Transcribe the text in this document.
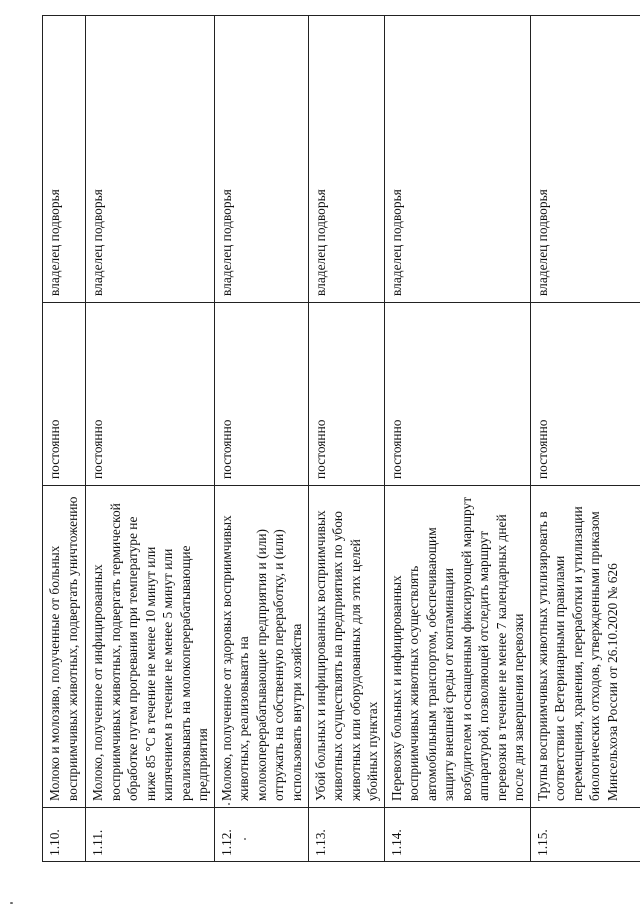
1.10.	Молоко и молозиво, полученные от больных восприимчивых животных, подвергать уничтожению	постоянно	владелец подворья
1.11.	Молоко, полученное от инфицированных восприимчивых животных, подвергать термической обработке путем прогревания при температуре не ниже 85 °С в течение не менее 10 минут или кипячением в течение не менее 5 минут или реализовывать на молокоперерабатывающие предприятия	постоянно	владелец подворья
1.12.	Молоко, полученное от здоровых восприимчивых животных, реализовывать на молокоперерабатывающие предприятия и (или) отгружать на собственную переработку, и (или) использовать внутри хозяйства	постоянно	владелец подворья
1.13.	Убой больных и инфицированных восприимчивых животных осуществлять на предприятиях по убою животных или оборудованных для этих целей убойных пунктах	постоянно	владелец подворья
1.14.	Перевозку больных и инфицированных восприимчивых животных осуществлять автомобильным транспортом, обеспечивающим защиту внешней среды от контаминации возбудителем и оснащенным фиксирующей маршрут аппаратурой, позволяющей отследить маршрут перевозки в течение не менее 7 календарных дней после дня завершения перевозки	постоянно	владелец подворья
1.15.	Трупы восприимчивых животных утилизировать в соответствии с Ветеринарными правилами перемещения, хранения, переработки и утилизации биологических отходов, утвержденными приказом Минсельхоза России от 26.10.2020 № 626	постоянно	владелец подворья
